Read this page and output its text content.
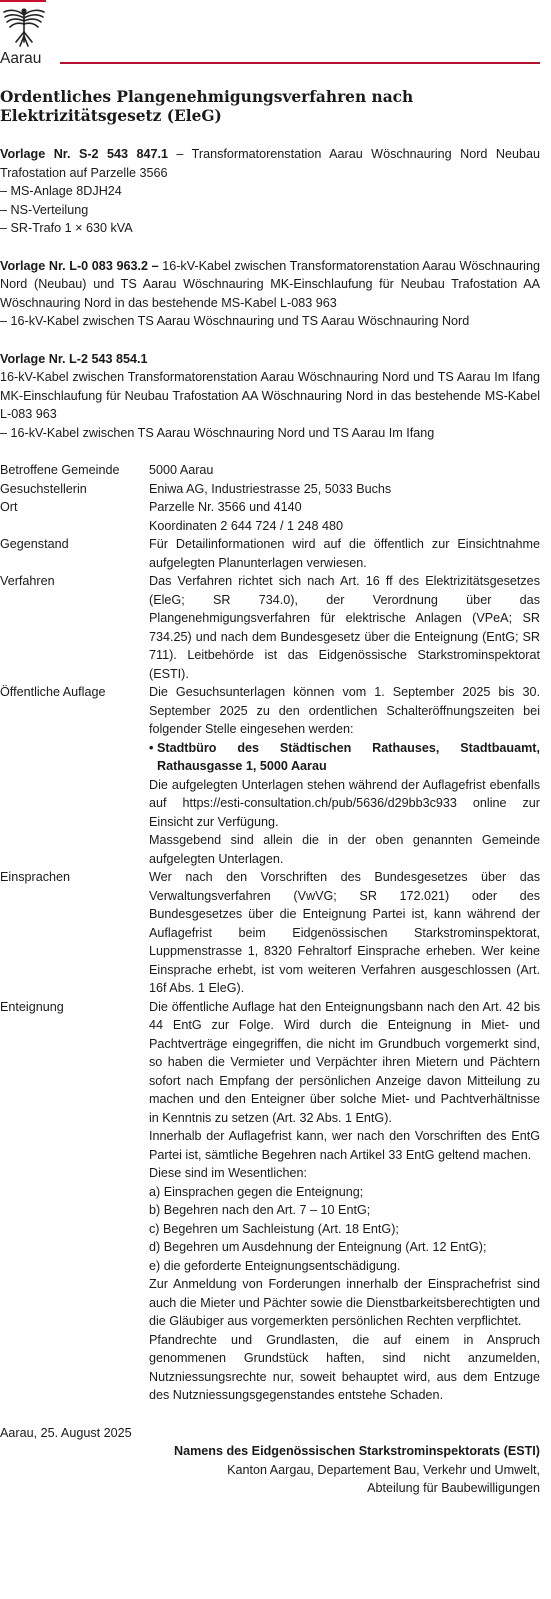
Aarau
Ordentliches Plangenehmigungsverfahren nach Elektrizitätsgesetz (EleG)

Vorlage Nr. S-2 543 847.1 – Transformatorenstation Aarau Wöschnauring Nord Neubau Trafostation auf Parzelle 3566

– MS-Anlage 8DJH24

– NS-Verteilung

– SR-Trafo 1 × 630 kVA

Vorlage Nr. L-0 083 963.2 – 16-kV-Kabel zwischen Transformatorenstation Aarau Wöschnauring Nord (Neubau) und TS Aarau Wöschnauring MK-Einschlaufung für Neubau Trafostation AA Wöschnauring Nord in das bestehende MS-Kabel L-083 963

– 16-kV-Kabel zwischen TS Aarau Wöschnauring und TS Aarau Wöschnauring Nord

Vorlage Nr. L-2 543 854.1

16-kV-Kabel zwischen Transformatorenstation Aarau Wöschnauring Nord und TS Aarau Im Ifang MK-Einschlaufung für Neubau Trafostation AA Wöschnauring Nord in das bestehende MS-Kabel L-083 963

– 16-kV-Kabel zwischen TS Aarau Wöschnauring Nord und TS Aarau Im Ifang

Betroffene Gemeinde	5000 Aarau
Gesuchstellerin	Eniwa AG, Industriestrasse 25, 5033 Buchs
Ort	Parzelle Nr. 3566 und 4140

Koordinaten 2 644 724 / 1 248 480

Gegenstand	Für Detailinformationen wird auf die öffentlich zur Einsichtnahme aufgelegten Planunterlagen verwiesen.
Verfahren	Das Verfahren richtet sich nach Art. 16 ff des Elektrizitätsgesetzes (EleG; SR 734.0), der Verordnung über das Plangenehmigungsverfahren für elektrische Anlagen (VPeA; SR 734.25) und nach dem Bundesgesetz über die Enteignung (EntG; SR 711). Leitbehörde ist das Eidgenössische Starkstrominspektorat (ESTI).
Öffentliche Auflage	Die Gesuchsunterlagen können vom 1. September 2025 bis 30. September 2025 zu den ordentlichen Schalteröffnungszeiten bei folgender Stelle eingesehen werden:

• Stadtbüro des Städtischen Rathauses, Stadtbauamt, Rathausgasse 1, 5000 Aarau

Die aufgelegten Unterlagen stehen während der Auflagefrist ebenfalls auf https://esti-consultation.ch/pub/5636/d29bb3c933 online zur Einsicht zur Verfügung.

Massgebend sind allein die in der oben genannten Gemeinde aufgelegten Unterlagen.

Einsprachen	Wer nach den Vorschriften des Bundesgesetzes über das Verwaltungsverfahren (VwVG; SR 172.021) oder des Bundesgesetzes über die Enteignung Partei ist, kann während der Auflagefrist beim Eidgenössischen Starkstrominspektorat, Luppmenstrasse 1, 8320 Fehraltorf Einsprache erheben. Wer keine Einsprache erhebt, ist vom weiteren Verfahren ausgeschlossen (Art. 16f Abs. 1 EleG).
Enteignung	Die öffentliche Auflage hat den Enteignungsbann nach den Art. 42 bis 44 EntG zur Folge. Wird durch die Enteignung in Miet- und Pachtverträge eingegriffen, die nicht im Grundbuch vorgemerkt sind, so haben die Vermieter und Verpächter ihren Mietern und Pächtern sofort nach Empfang der persönlichen Anzeige davon Mitteilung zu machen und den Enteigner über solche Miet- und Pachtverhältnisse in Kenntnis zu setzen (Art. 32 Abs. 1 EntG).

Innerhalb der Auflagefrist kann, wer nach den Vorschriften des EntG Partei ist, sämtliche Begehren nach Artikel 33 EntG geltend machen.

Diese sind im Wesentlichen:

a) Einsprachen gegen die Enteignung;

b) Begehren nach den Art. 7 – 10 EntG;

c) Begehren um Sachleistung (Art. 18 EntG);

d) Begehren um Ausdehnung der Enteignung (Art. 12 EntG);

e) die geforderte Enteignungsentschädigung.

Zur Anmeldung von Forderungen innerhalb der Einsprachefrist sind auch die Mieter und Pächter sowie die Dienstbarkeitsberechtigten und die Gläubiger aus vorgemerkten persönlichen Rechten verpflichtet.

Pfandrechte und Grundlasten, die auf einem in Anspruch genommenen Grundstück haften, sind nicht anzumelden, Nutzniessungsrechte nur, soweit behauptet wird, aus dem Entzuge des Nutzniessungsgegenstandes entstehe Schaden.

Aarau, 25. August 2025

Namens des Eidgenössischen Starkstrominspektorats (ESTI)

Kanton Aargau, Departement Bau, Verkehr und Umwelt,

Abteilung für Baubewilligungen
